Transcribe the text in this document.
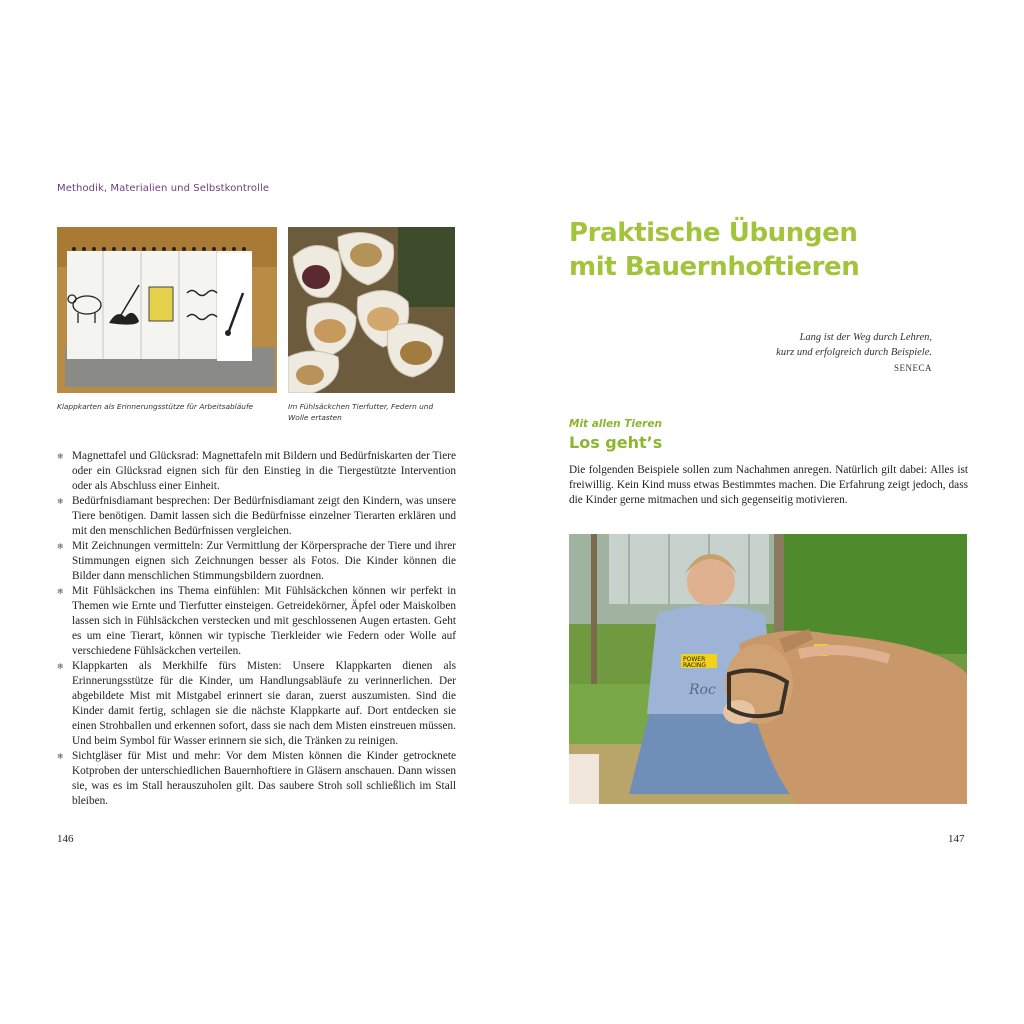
Methodik, Materialien und Selbstkontrolle
Klappkarten als Erinnerungsstütze für Arbeitsabläufe	Im Fühlsäckchen Tierfutter, Federn und Wolle ertasten
❄ Magnettafel und Glücksrad: Magnettafeln mit Bildern und Bedürfniskarten der Tiere oder ein Glücksrad eignen sich für den Einstieg in die Tiergestützte Intervention oder als Abschluss einer Einheit.
❄ Bedürfnisdiamant besprechen: Der Bedürfnisdiamant zeigt den Kindern, was unsere Tiere benötigen. Damit lassen sich die Bedürfnisse einzelner Tierarten erklären und mit den menschlichen Bedürfnissen vergleichen.
❄ Mit Zeichnungen vermitteln: Zur Vermittlung der Körpersprache der Tiere und ihrer Stimmungen eignen sich Zeichnungen besser als Fotos. Die Kinder können die Bilder dann menschlichen Stimmungsbildern zuordnen.
❄ Mit Fühlsäckchen ins Thema einfühlen: Mit Fühlsäckchen können wir perfekt in Themen wie Ernte und Tierfutter einsteigen. Getreidekörner, Äpfel oder Maiskolben lassen sich in Fühlsäckchen verstecken und mit geschlossenen Augen ertasten. Geht es um eine Tierart, können wir typische Tierkleider wie Federn oder Wolle auf verschiedene Fühlsäckchen verteilen.
❄ Klappkarten als Merkhilfe fürs Misten: Unsere Klappkarten dienen als Erinnerungsstütze für die Kinder, um Handlungsabläufe zu verinnerlichen. Der abgebildete Mist mit Mistgabel erinnert sie daran, zuerst auszumisten. Sind die Kinder damit fertig, schlagen sie die nächste Klappkarte auf. Dort entdecken sie einen Strohballen und erkennen sofort, dass sie nach dem Misten einstreuen müssen. Und beim Symbol für Wasser erinnern sie sich, die Tränken zu reinigen.
❄ Sichtgläser für Mist und mehr: Vor dem Misten können die Kinder getrocknete Kotproben der unterschiedlichen Bauernhoftiere in Gläsern anschauen. Dann wissen sie, was es im Stall herauszuholen gilt. Das saubere Stroh soll schließlich im Stall bleiben.
146
Praktische Übungen
mit Bauernhoftieren
Lang ist der Weg durch Lehren,
kurz und erfolgreich durch Beispiele.
SENECA
Mit allen Tieren
Los geht’s

Die folgenden Beispiele sollen zum Nachahmen anregen. Natürlich gilt dabei: Alles ist freiwillig. Kein Kind muss etwas Bestimmtes machen. Die Erfahrung zeigt jedoch, dass die Kinder gerne mitmachen und sich gegenseitig motivieren.

POWER
RACING
Roc
147
